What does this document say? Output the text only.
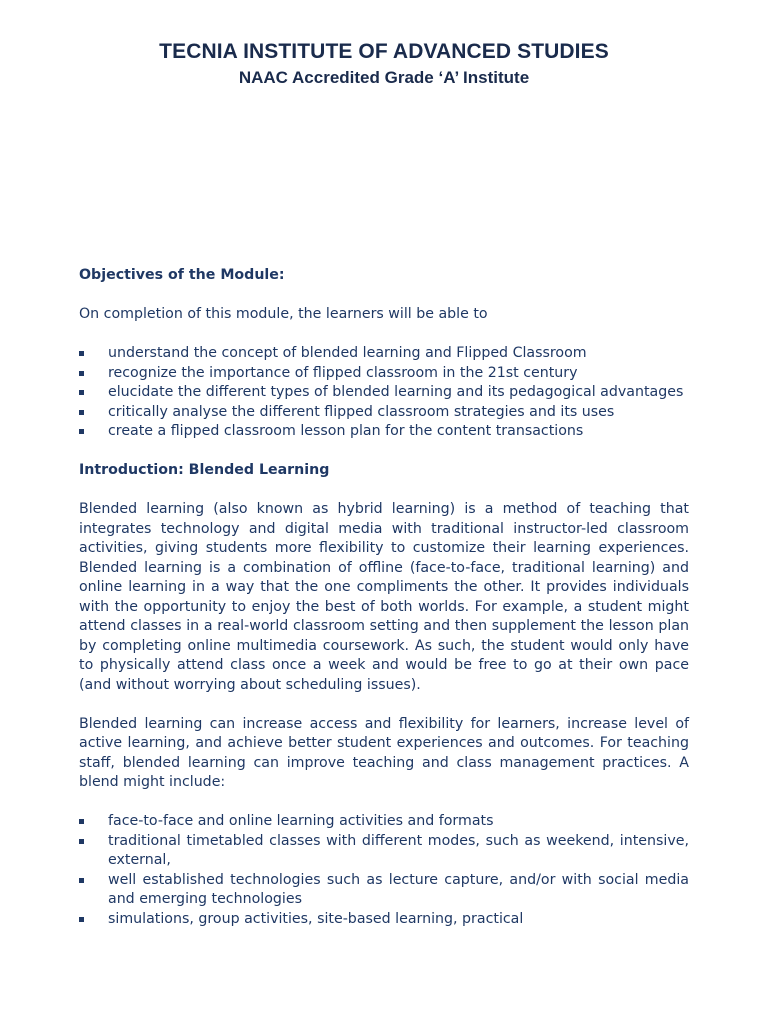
TECNIA INSTITUTE OF ADVANCED STUDIES
NAAC Accredited Grade ‘A’ Institute
Objectives of the Module:
On completion of this module, the learners will be able to
understand the concept of blended learning and Flipped Classroom
recognize the importance of flipped classroom in the 21st century
elucidate the different types of blended learning and its pedagogical advantages
critically analyse the different flipped classroom strategies and its uses
create a flipped classroom lesson plan for the content transactions
Introduction: Blended Learning
Blended learning (also known as hybrid learning) is a method of teaching that integrates technology and digital media with traditional instructor-led classroom activities, giving students more flexibility to customize their learning experiences. Blended learning is a combination of offline (face-to-face, traditional learning) and online learning in a way that the one compliments the other. It provides individuals with the opportunity to enjoy the best of both worlds. For example, a student might attend classes in a real-world classroom setting and then supplement the lesson plan by completing online multimedia coursework. As such, the student would only have to physically attend class once a week and would be free to go at their own pace (and without worrying about scheduling issues).
Blended learning can increase access and flexibility for learners, increase level of active learning, and achieve better student experiences and outcomes. For teaching staff, blended learning can improve teaching and class management practices. A blend might include:
face-to-face and online learning activities and formats
traditional timetabled classes with different modes, such as weekend, intensive, external,
well established technologies such as lecture capture, and/or with social media and emerging technologies
simulations, group activities, site-based learning, practical
